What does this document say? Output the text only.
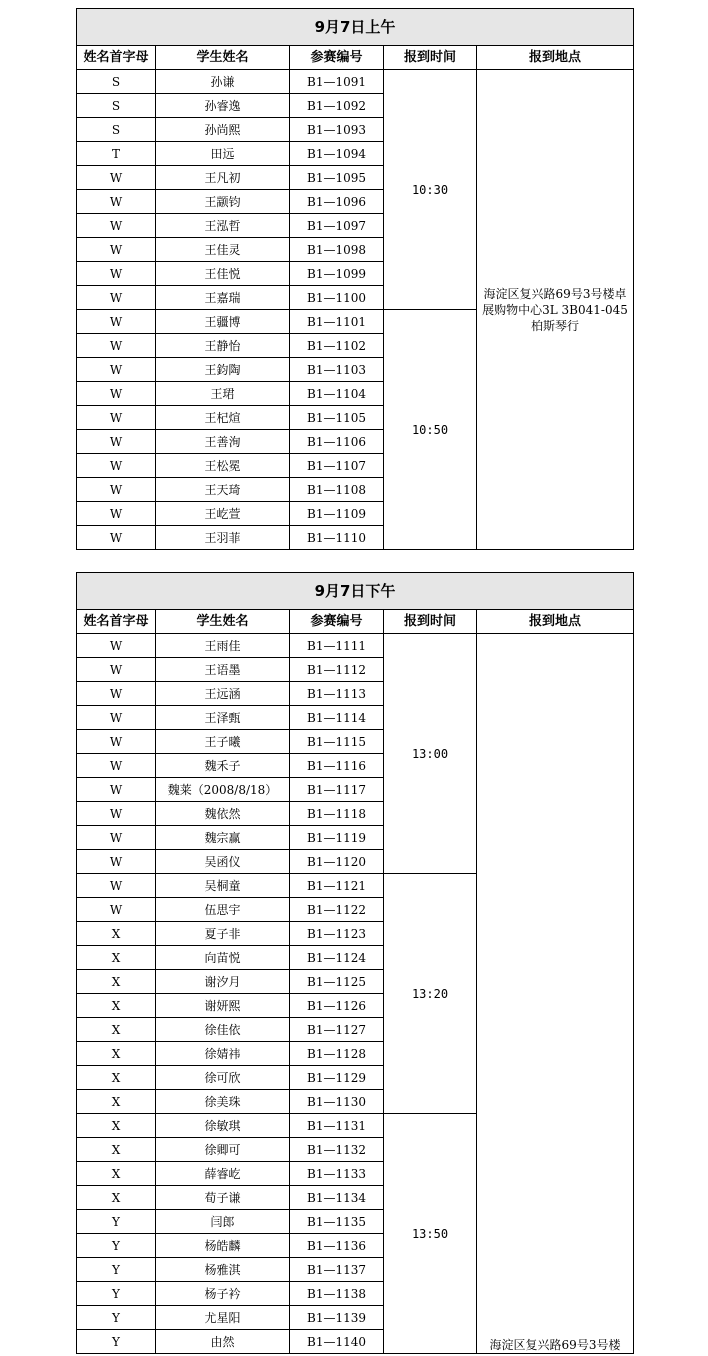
9月7日上午				
姓名首字母	学生姓名	参赛编号	报到时间	报到地点
S	孙谦	B1—1091	10:30	海淀区复兴路69号3号楼卓展购物中心3L 3B041-045柏斯琴行
S	孙睿逸	B1—1092		
S	孙尚熙	B1—1093		
T	田远	B1—1094		
W	王凡初	B1—1095		
W	王颛钧	B1—1096		
W	王泓哲	B1—1097		
W	王佳灵	B1—1098		
W	王佳悦	B1—1099		
W	王嘉瑞	B1—1100		
W	王疆博	B1—1101	10:50	
W	王静怡	B1—1102		
W	王鈞陶	B1—1103		
W	王珺	B1—1104		
W	王杞煊	B1—1105		
W	王善洵	B1—1106		
W	王松冕	B1—1107		
W	王天琦	B1—1108		
W	王屹萱	B1—1109		
W	王羽菲	B1—1110		
9月7日下午				
姓名首字母	学生姓名	参赛编号	报到时间	报到地点
W	王雨佳	B1—1111	13:00	海淀区复兴路69号3号楼
W	王语墨	B1—1112		
W	王远涵	B1—1113		
W	王泽甄	B1—1114		
W	王子曦	B1—1115		
W	魏禾子	B1—1116		
W	魏莱（2008/8/18）	B1—1117		
W	魏依然	B1—1118		
W	魏宗赢	B1—1119		
W	吴函仪	B1—1120		
W	吴桐童	B1—1121	13:20	
W	伍思宇	B1—1122		
X	夏子非	B1—1123		
X	向苗悦	B1—1124		
X	谢汐月	B1—1125		
X	谢妍熙	B1—1126		
X	徐佳依	B1—1127		
X	徐婧祎	B1—1128		
X	徐可欣	B1—1129		
X	徐美珠	B1—1130		
X	徐敏琪	B1—1131	13:50	
X	徐卿可	B1—1132		
X	薛睿屹	B1—1133		
X	荀子谦	B1—1134		
Y	闫郎	B1—1135		
Y	杨皓麟	B1—1136		
Y	杨雅淇	B1—1137		
Y	杨子衿	B1—1138		
Y	尤星阳	B1—1139		
Y	由然	B1—1140		
